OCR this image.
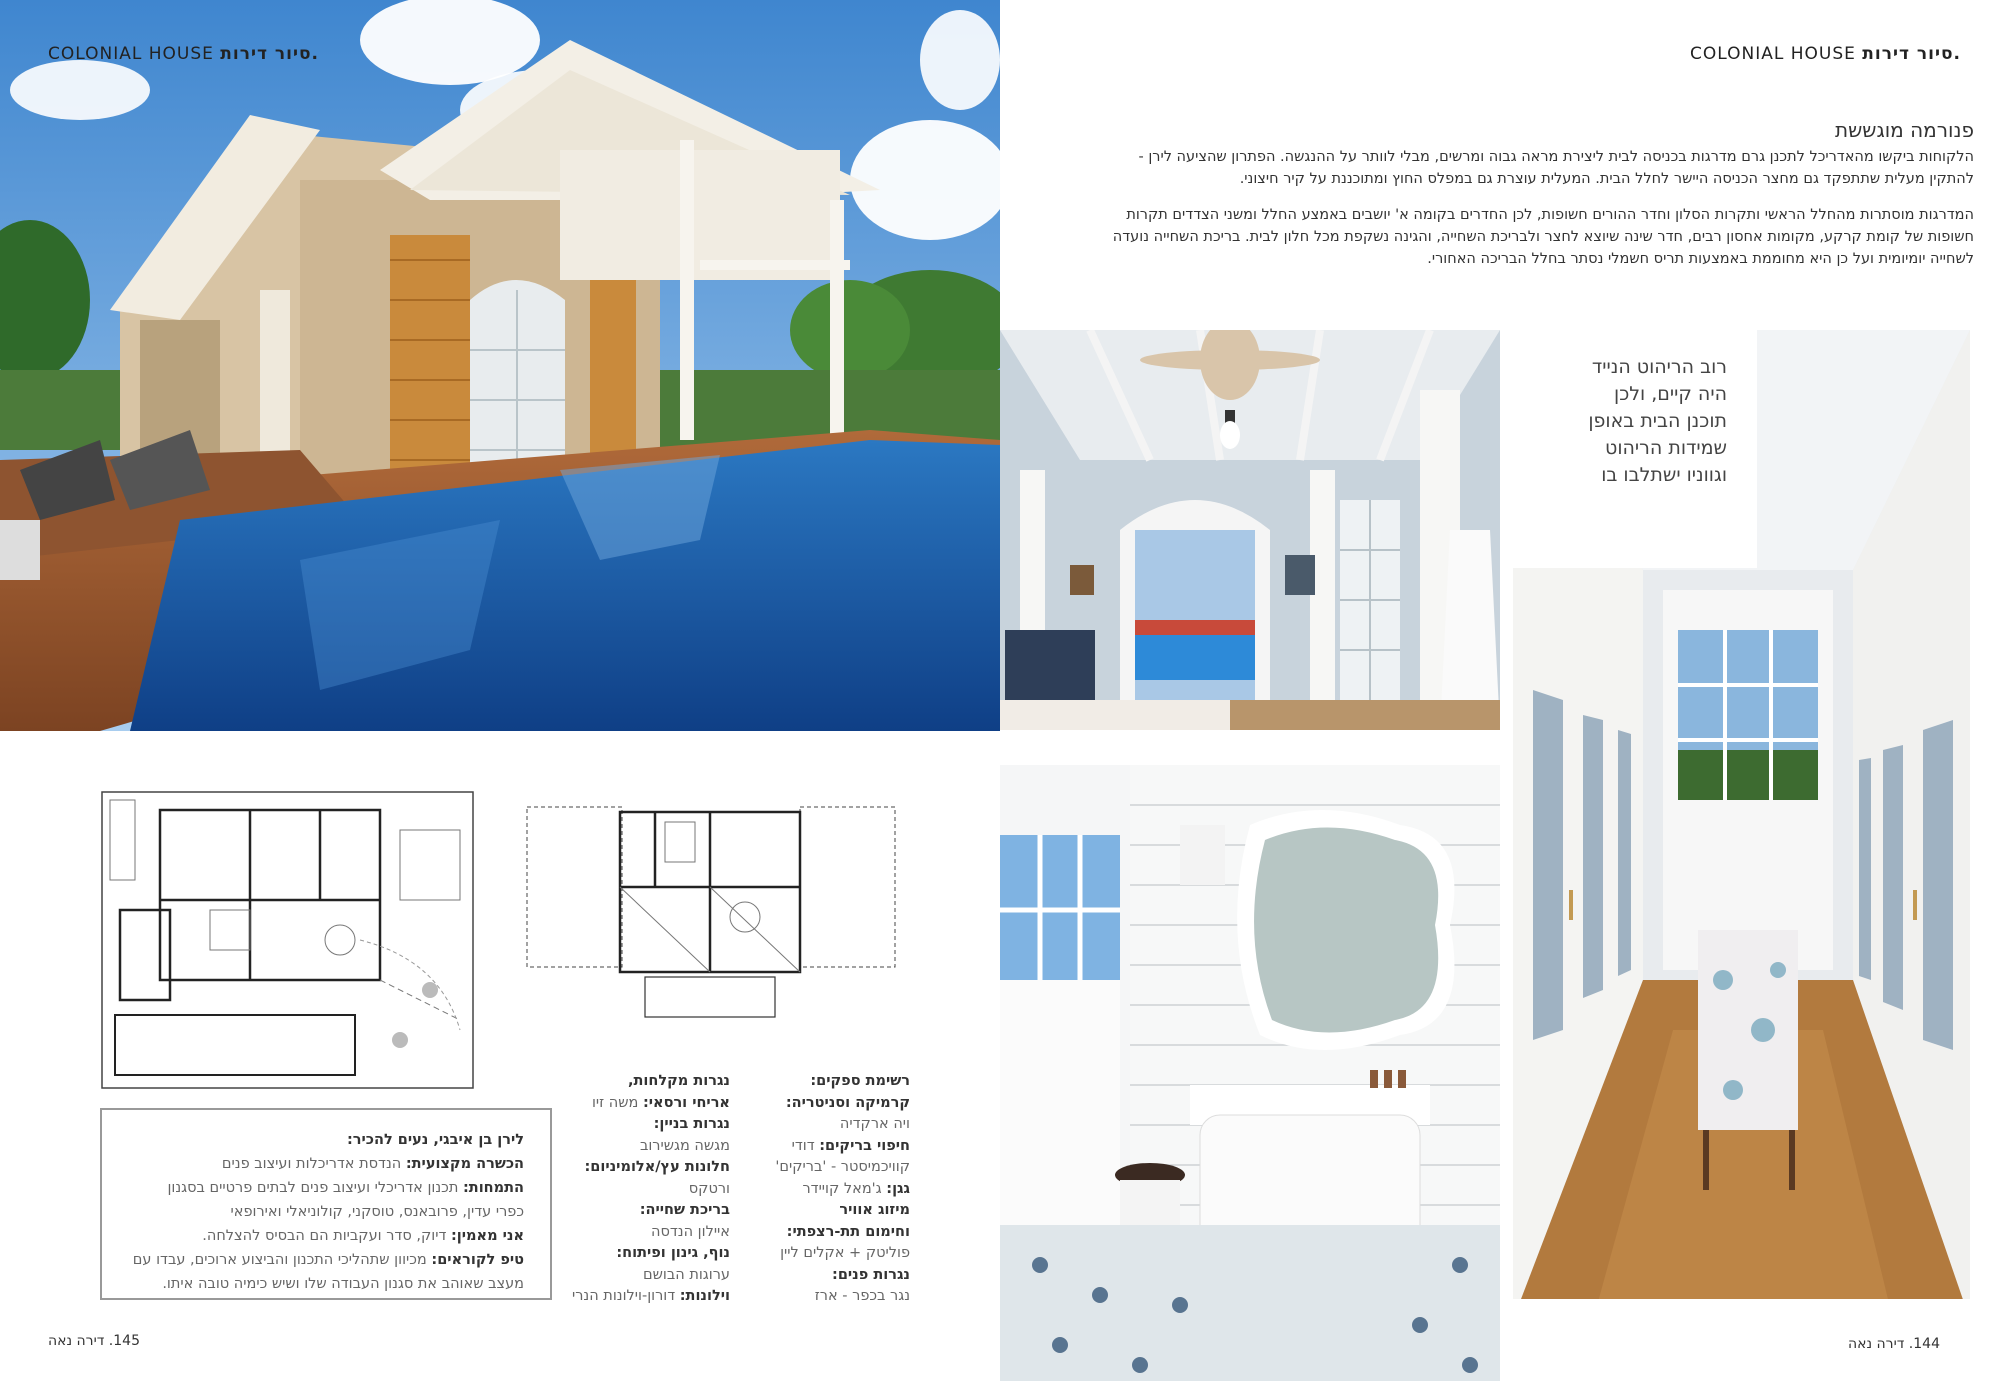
רוב הריהוט הנייד
היה קיים, ולכן
תוכנן הבית באופן
שמידות הריהוט
וגווניו ישתלבו בו
COLONIAL HOUSE סיור דירות.	COLONIAL HOUSE סיור דירות.
פנורמה מוגששת
הלקוחות ביקשו מהאדריכל לתכנן גרם מדרגות בכניסה לבית ליצירת מראה גבוה ומרשים, מבלי לוותר על ההנגשה. הפתרון שהציעה לירן - להתקין מעלית שתתפקד גם מחצר הכניסה היישר לחלל הבית. המעלית עוצרת גם במפלס החוץ ומתוכננת על קיר חיצוני.
המדרגות מוסתרות מהחלל הראשי ותקרות הסלון וחדר ההורים חשופות, לכן החדרים בקומה א' יושבים באמצע החלל ומשני הצדדים תקרות חשופות של קומת קרקע, מקומות אחסון רבים, חדר שינה שיוצא לחצר ולבריכת השחייה, והגינה נשקפת מכל חלון לבית. בריכת השחייה נועדה לשחייה יומיומית ועל כן היא מחוממת באמצעות תריס חשמלי נסתר בחלל הבריכה האחורי.
רשימת ספקים:
קרמיקה וסניטריה:
ויה ארקדיה
חיפוי בריקים: דודי
קוויכמיסטר - 'בריקים'
גגן: ג'מאל קויידר
מיזוג אוויר
וחימום תת-רצפתי:
פוליטק + אקלים ליין
נגרות פנים:
נגר בכפר - ארז
נגרות מקלחות,
אריחי ורסאי: משה זיו
נגרות בניין:
מגשה מגשירוב
חלונות עץ/אלומיניום:
ורטקס
בריכת שחייה:
איילון הנדסה
נוף, גינון ופיתוח:
ערוגות הבושם
וילונות: דורון-וילונות הנרי
לירן בן איבגי, נעים להכיר:
הכשרה מקצועית: הנדסת אדריכלות ועיצוב פנים
התמחות: תכנון אדריכלי ועיצוב פנים לבתים פרטיים בסגנון
כפרי עדין, פרובאנס, טוסקני, קולוניאלי ואירופאי
אני מאמין: דיוק, סדר ועקביות הם הבסיס להצלחה.
טיפ לקוראים: מכיוון שתהליכי התכנון והביצוע ארוכים, עבדו עם
מעצב שאוהב את סגנון העבודה שלו ושיש כימיה טובה איתו.
145. דירה נאה	144. דירה נאה
